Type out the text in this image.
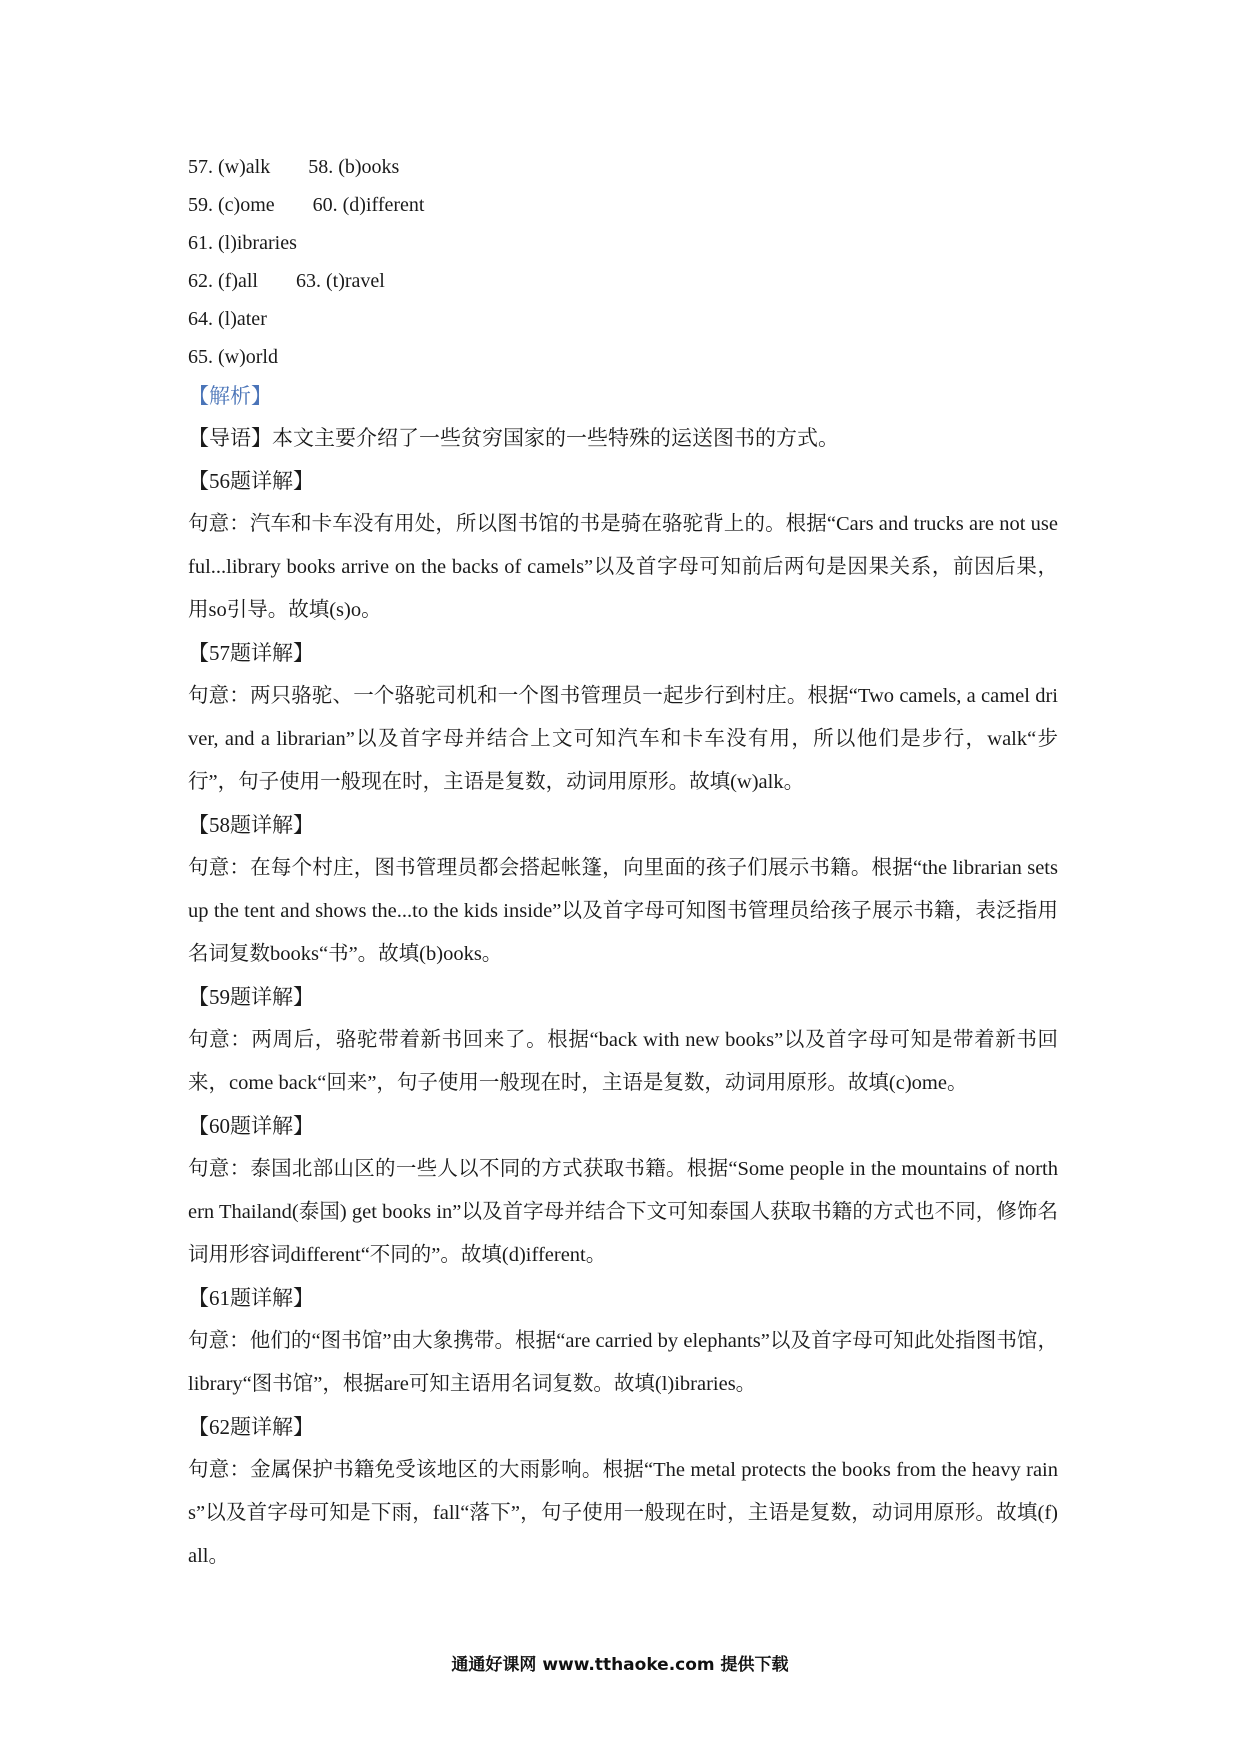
57. (w)alk 58. (b)ooks
59. (c)ome 60. (d)ifferent
61. (l)ibraries
62. (f)all 63. (t)ravel
64. (l)ater
65. (w)orld
【解析】
【导语】本文主要介绍了一些贫穷国家的一些特殊的运送图书的方式。
【56题详解】

句意：汽车和卡车没有用处，所以图书馆的书是骑在骆驼背上的。根据“Cars and trucks are not useful...library books arrive on the backs of camels”以及首字母可知前后两句是因果关系，前因后果，用so引导。故填(s)o。

【57题详解】

句意：两只骆驼、一个骆驼司机和一个图书管理员一起步行到村庄。根据“Two camels, a camel driver, and a librarian”以及首字母并结合上文可知汽车和卡车没有用，所以他们是步行，walk“步行”，句子使用一般现在时，主语是复数，动词用原形。故填(w)alk。

【58题详解】

句意：在每个村庄，图书管理员都会搭起帐篷，向里面的孩子们展示书籍。根据“the librarian sets up the tent and shows the...to the kids inside”以及首字母可知图书管理员给孩子展示书籍，表泛指用名词复数books“书”。故填(b)ooks。

【59题详解】

句意：两周后，骆驼带着新书回来了。根据“back with new books”以及首字母可知是带着新书回来，come back“回来”，句子使用一般现在时，主语是复数，动词用原形。故填(c)ome。

【60题详解】

句意：泰国北部山区的一些人以不同的方式获取书籍。根据“Some people in the mountains of northern Thailand(泰国) get books in”以及首字母并结合下文可知泰国人获取书籍的方式也不同，修饰名词用形容词different“不同的”。故填(d)ifferent。

【61题详解】

句意：他们的“图书馆”由大象携带。根据“are carried by elephants”以及首字母可知此处指图书馆，library“图书馆”，根据are可知主语用名词复数。故填(l)ibraries。

【62题详解】

句意：金属保护书籍免受该地区的大雨影响。根据“The metal protects the books from the heavy rains”以及首字母可知是下雨，fall“落下”，句子使用一般现在时，主语是复数，动词用原形。故填(f)all。

通通好课网 www.tthaoke.com 提供下载
